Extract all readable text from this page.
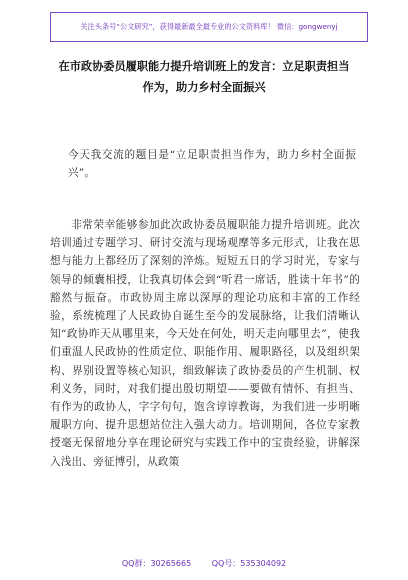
关注头条号“公文研究”，获得最新最全最专业的公文资料库！ 微信：gongwenyj
在市政协委员履职能力提升培训班上的发言：立足职责担当作为，助力乡村全面振兴
今天我交流的题目是“立足职责担当作为，助力乡村全面振兴”。
非常荣幸能够参加此次政协委员履职能力提升培训班。此次培训通过专题学习、研讨交流与现场观摩等多元形式，让我在思想与能力上都经历了深刻的淬炼。短短五日的学习时光，专家与领导的倾囊相授，让我真切体会到“听君一席话，胜读十年书”的豁然与振奋。市政协周主席以深厚的理论功底和丰富的工作经验，系统梳理了人民政协自诞生至今的发展脉络，让我们清晰认知“政协昨天从哪里来，今天处在何处，明天走向哪里去”，使我们重温人民政协的性质定位、职能作用、履职路径，以及组织架构、界别设置等核心知识，细致解读了政协委员的产生机制、权利义务，同时，对我们提出殷切期望——要做有情怀、有担当、有作为的政协人，字字句句，饱含谆谆教诲，为我们进一步明晰履职方向、提升思想站位注入强大动力。培训期间，各位专家教授毫无保留地分享在理论研究与实践工作中的宝贵经验，讲解深入浅出、旁征博引，从政策
QQ群：30265665	QQ号：535304092
